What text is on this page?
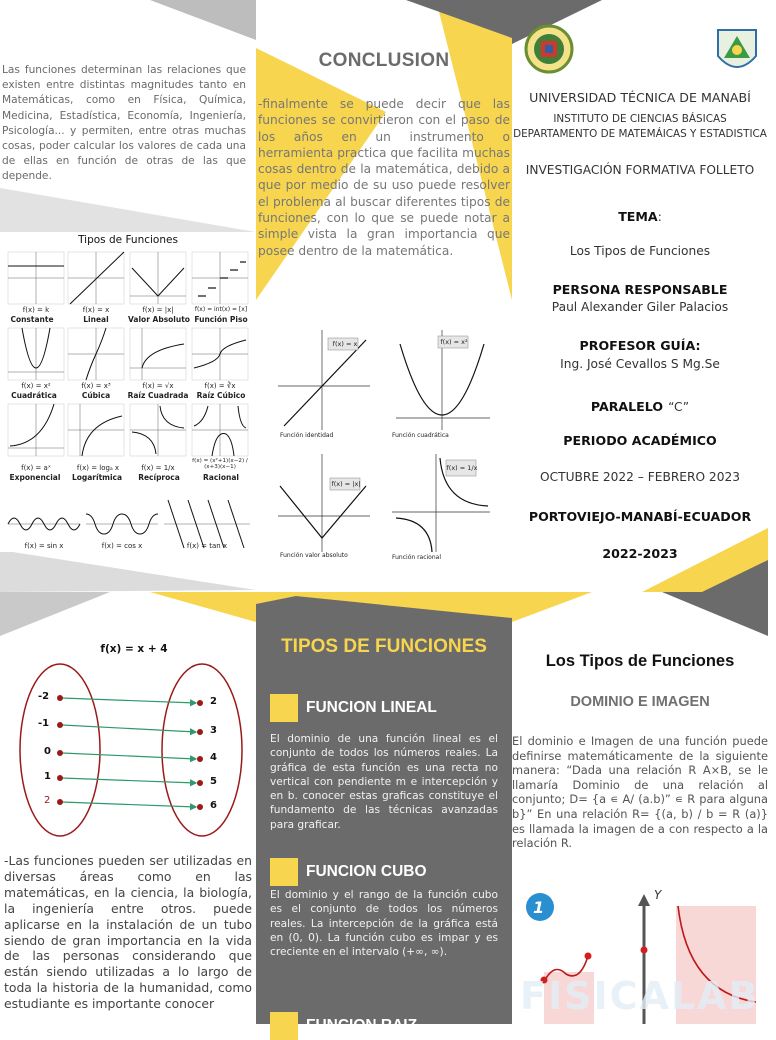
Las funciones determinan las relaciones que existen entre distintas magnitudes tanto en Matemáticas, como en Física, Química, Medicina, Estadística, Economía, Ingeniería, Psicología... y permiten, entre otras muchas cosas, poder calcular los valores de cada una de ellas en función de otras de las que depende.
Tipos de Funciones
f(x) = k
Constante
f(x) = x
Lineal
f(x) = |x|
Valor Absoluto
f(x) = int(x) = [x]
Función Piso
f(x) = x²
Cuadrática
f(x) = x³
Cúbica
f(x) = √x
Raíz Cuadrada
f(x) = ∛x
Raíz Cúbico
f(x) = aˣ
Exponencial
f(x) = logₐ x
Logarítmica
f(x) = 1/x
Recíproca
f(x) = (x²+1)(x−2) / (x+3)(x−1)
Racional
f(x) = sin x	f(x) = cos x	f(x) = tan x
CONCLUSION
-finalmente se puede decir que las funciones se convirtieron con el paso de los años en un instrumento o herramienta practica que facilita muchas cosas dentro de la matemática, debido a que por medio de su uso puede resolver el problema al buscar diferentes tipos de funciones, con lo que se puede notar a simple vista la gran importancia que posee dentro de la matemática.
f(x) = x	f(x) = x²
f(x) = |x|
f(x) = 1/x
Función identidad	Función cuadrática
Función valor absoluto	Función racional
UNIVERSIDAD TÉCNICA DE MANABÍ
INSTITUTO DE CIENCIAS BÁSICAS
DEPARTAMENTO DE MATEMÁICAS Y ESTADISTICA
INVESTIGACIÓN FORMATIVA FOLLETO
TEMA:
Los Tipos de Funciones
PERSONA RESPONSABLE
Paul Alexander Giler Palacios
PROFESOR GUÍA:
Ing. José Cevallos S Mg.Se
PARALELO “C”
PERIODO ACADÉMICO
OCTUBRE 2022 – FEBRERO 2023
PORTOVIEJO-MANABÍ-ECUADOR
2022-2023
f(x) = x + 4
-2
-1
0
1
2
2
3
4
5
6
-Las funciones pueden ser utilizadas en diversas áreas como en las matemáticas, en la ciencia, la biología, la ingeniería entre otros. puede aplicarse en la instalación de un tubo siendo de gran importancia en la vida de las personas considerando que están siendo utilizadas a lo largo de toda la historia de la humanidad, como estudiante es importante conocer
TIPOS DE FUNCIONES
FUNCION LINEAL
El dominio de una función lineal es el conjunto de todos los números reales. La gráfica de esta función es una recta no vertical con pendiente m e intercepción y en b. conocer estas graficas constituye el fundamento de las técnicas avanzadas para graficar.
FUNCION CUBO
El dominio y el rango de la función cubo es el conjunto de todos los números reales. La intercepción de la gráfica está en (0, 0). La función cubo es impar y es creciente en el intervalo (+∞, ∞).
FUNCION RAIZ
Los Tipos de Funciones
DOMINIO E IMAGEN
El dominio e Imagen de una función puede definirse matemáticamente de la siguiente manera: “Dada una relación R A×B, se le llamaría Dominio de una relación al conjunto; D= {a ∊ A/ (a.b)” ∊ R para alguna b}” En una relación R= {(a, b) / b = R (a)} es llamada la imagen de a con respecto a la relación R.
1
Y
FISICALAB
